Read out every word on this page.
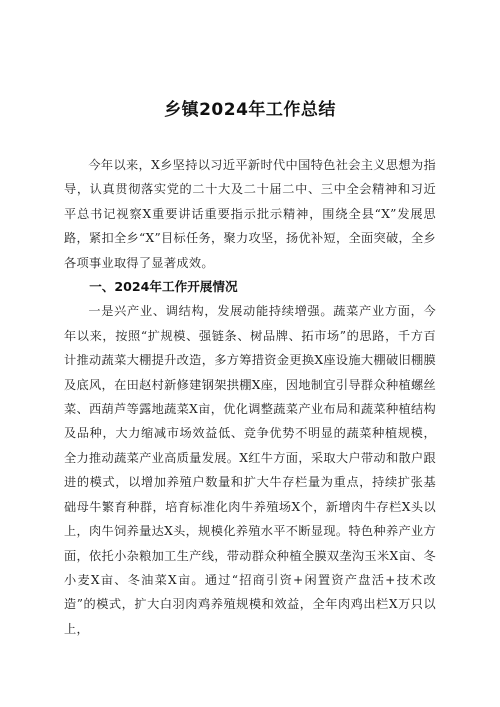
乡镇2024年工作总结

今年以来，X乡坚持以习近平新时代中国特色社会主义思想为指导，认真贯彻落实党的二十大及二十届二中、三中全会精神和习近平总书记视察X重要讲话重要指示批示精神，围绕全县“X”发展思路，紧扣全乡“X”目标任务，聚力攻坚，扬优补短，全面突破，全乡各项事业取得了显著成效。

一、2024年工作开展情况

一是兴产业、调结构，发展动能持续增强。蔬菜产业方面，今年以来，按照“扩规模、强链条、树品牌、拓市场”的思路，千方百计推动蔬菜大棚提升改造，多方筹措资金更换X座设施大棚破旧棚膜及底风，在田赵村新修建钢架拱棚X座，因地制宜引导群众种植螺丝菜、西葫芦等露地蔬菜X亩，优化调整蔬菜产业布局和蔬菜种植结构及品种，大力缩减市场效益低、竞争优势不明显的蔬菜种植规模，全力推动蔬菜产业高质量发展。X红牛方面，采取大户带动和散户跟进的模式，以增加养殖户数量和扩大牛存栏量为重点，持续扩张基础母牛繁育种群，培育标准化肉牛养殖场X个，新增肉牛存栏X头以上，肉牛饲养量达X头，规模化养殖水平不断显现。特色种养产业方面，依托小杂粮加工生产线，带动群众种植全膜双垄沟玉米X亩、冬小麦X亩、冬油菜X亩。通过“招商引资+闲置资产盘活+技术改造”的模式，扩大白羽肉鸡养殖规模和效益，全年肉鸡出栏X万只以上，
